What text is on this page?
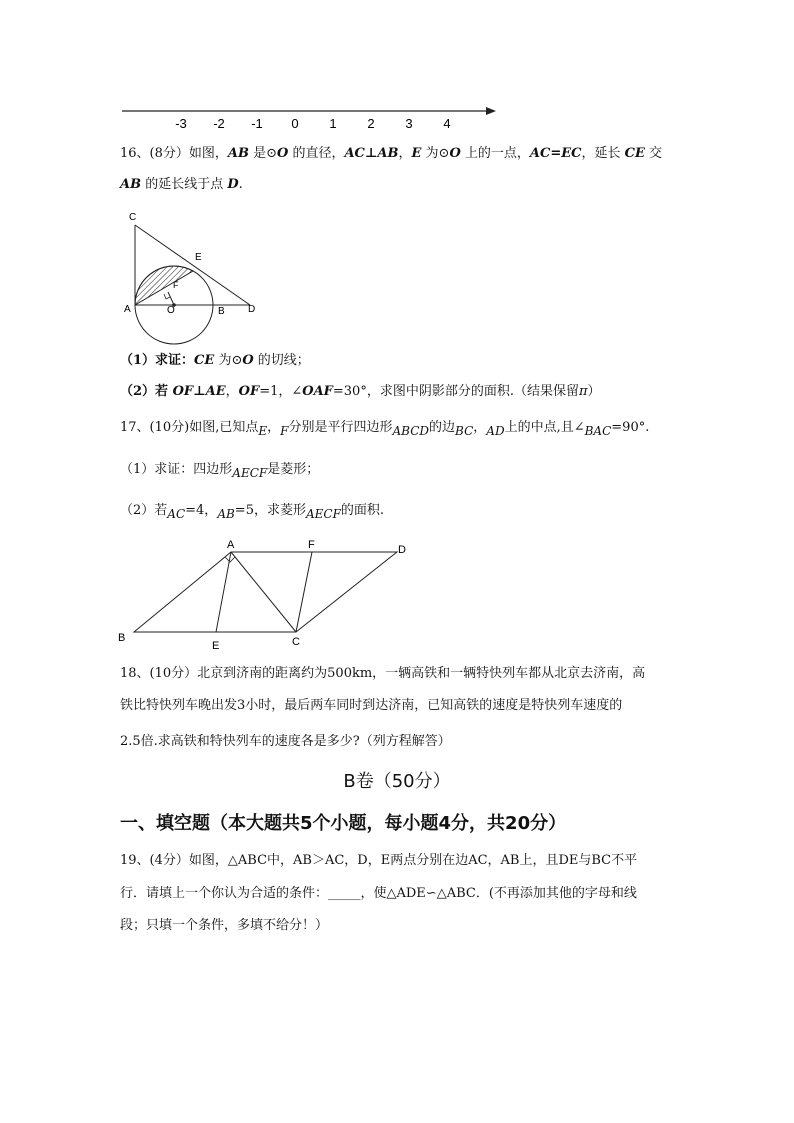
-3 -2 -1 0 1 2 3 4
16、(8分）如图，AB 是⊙O 的直径，AC⊥AB，E 为⊙O 上的一点，AC=EC，延长 CE 交
AB 的延长线于点 D.
C
E
F
A	O	B D
（1）求证：CE 为⊙O 的切线；
（2）若 OF⊥AE，OF=1，∠OAF=30°，求图中阴影部分的面积.（结果保留π）
17、(10分)如图,已知点E，F分别是平行四边形ABCD的边BC，AD上的中点,且∠BAC=90°.
（1）求证：四边形AECF是菱形；
（2）若AC=4，AB=5，求菱形AECF的面积.
A	F	D
B
E	C
18、(10分）北京到济南的距离约为500km，一辆高铁和一辆特快列车都从北京去济南，高
铁比特快列车晚出发3小时，最后两车同时到达济南，已知高铁的速度是特快列车速度的
2.5倍.求高铁和特快列车的速度各是多少?（列方程解答）
B卷（50分）
一、填空题（本大题共5个小题，每小题4分，共20分）
19、(4分）如图，△ABC中，AB＞AC，D，E两点分别在边AC，AB上，且DE与BC不平
行．请填上一个你认为合适的条件：_____，使△ADE∽△ABC．(不再添加其他的字母和线
段；只填一个条件，多填不给分！）
